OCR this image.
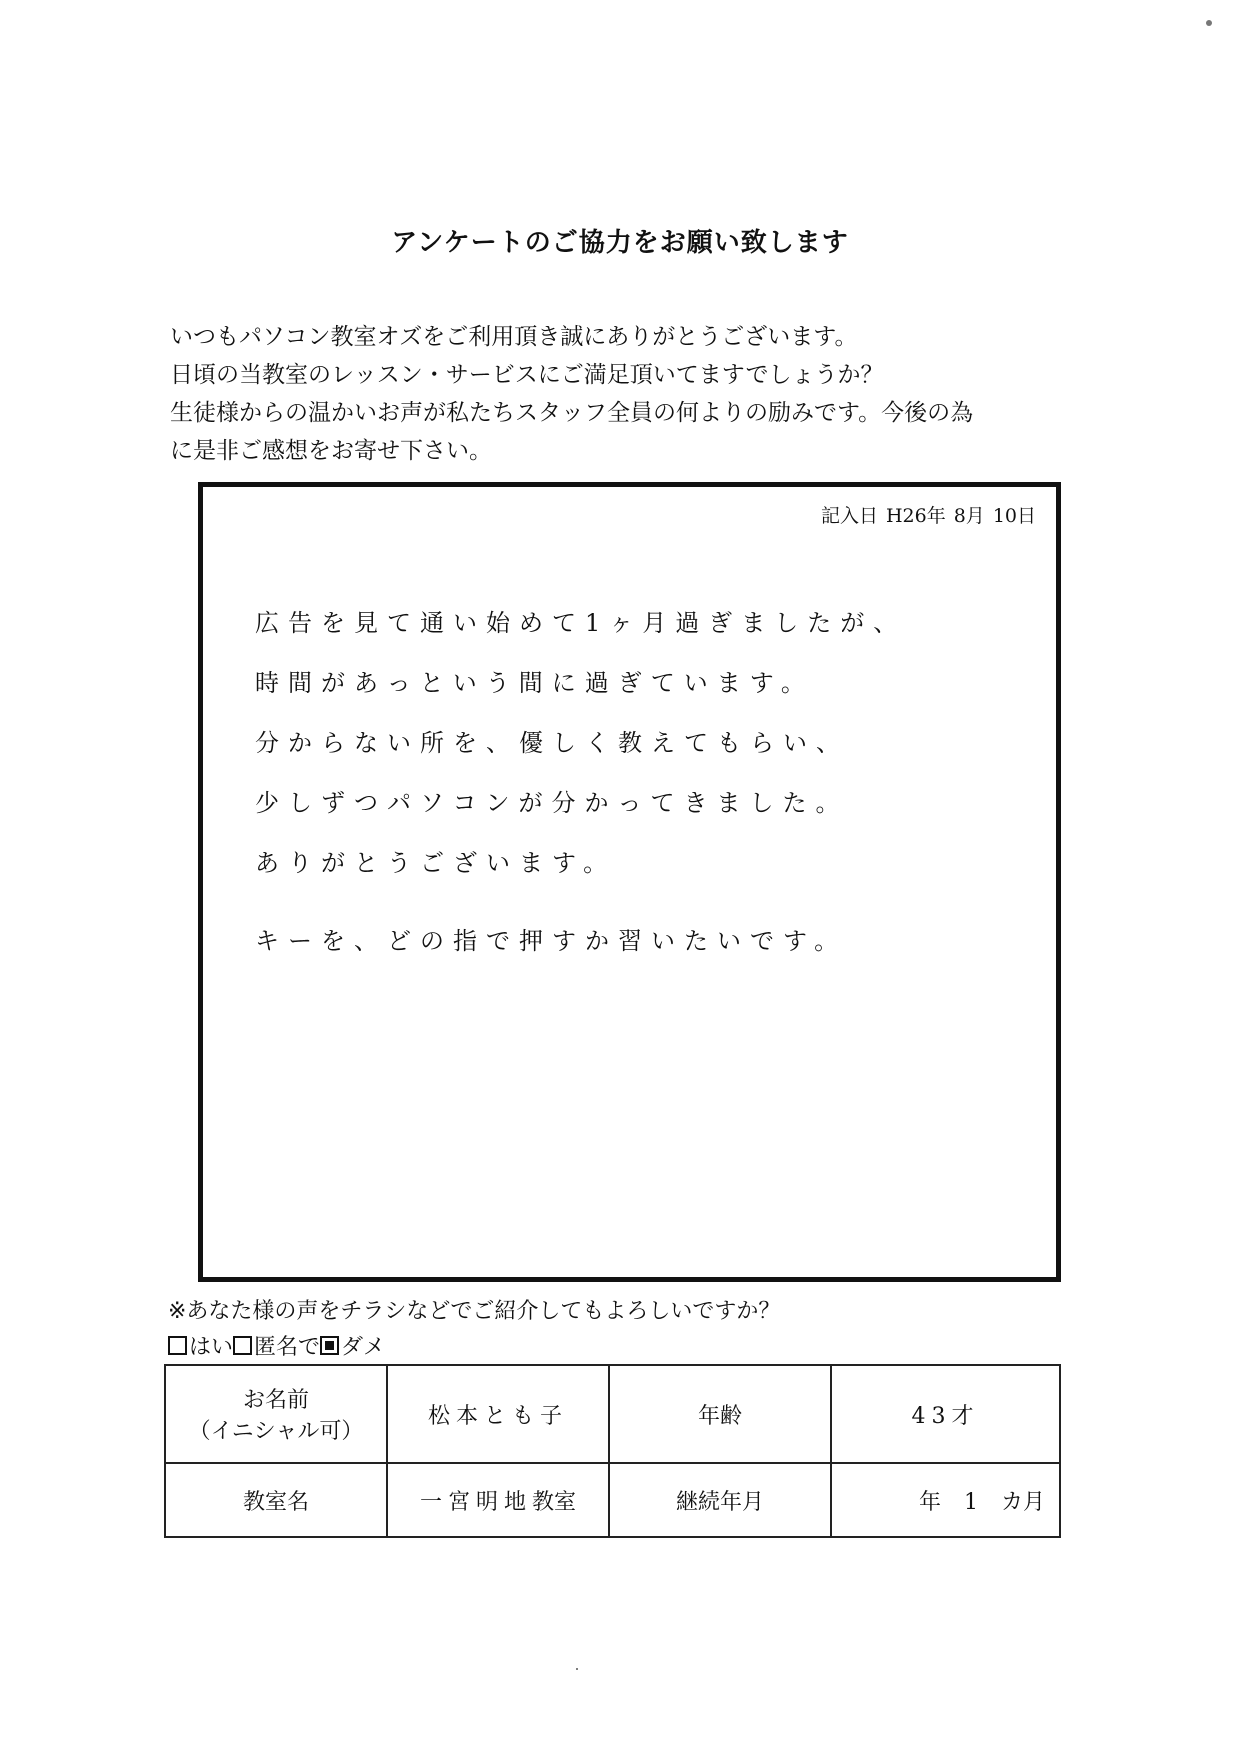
アンケートのご協力をお願い致します
いつもパソコン教室オズをご利用頂き誠にありがとうございます。
日頃の当教室のレッスン・サービスにご満足頂いてますでしょうか？
生徒様からの温かいお声が私たちスタッフ全員の何よりの励みです。今後の為
に是非ご感想をお寄せ下さい。
記入日 H26年 8月 10日
広告を見て通い始めて1ヶ月過ぎましたが、
時間があっという間に過ぎています。
分からない所を、優しく教えてもらい、
少しずつパソコンが分かってきました。
ありがとうございます。
キーを、どの指で押すか習いたいです。
※あなた様の声をチラシなどでご紹介してもよろしいですか？
はい 匿名で ダメ
お名前
（イニシャル可）	松本とも子	年齢	43才
教室名	一宮明地教室	継続年月	年 1 カ月
